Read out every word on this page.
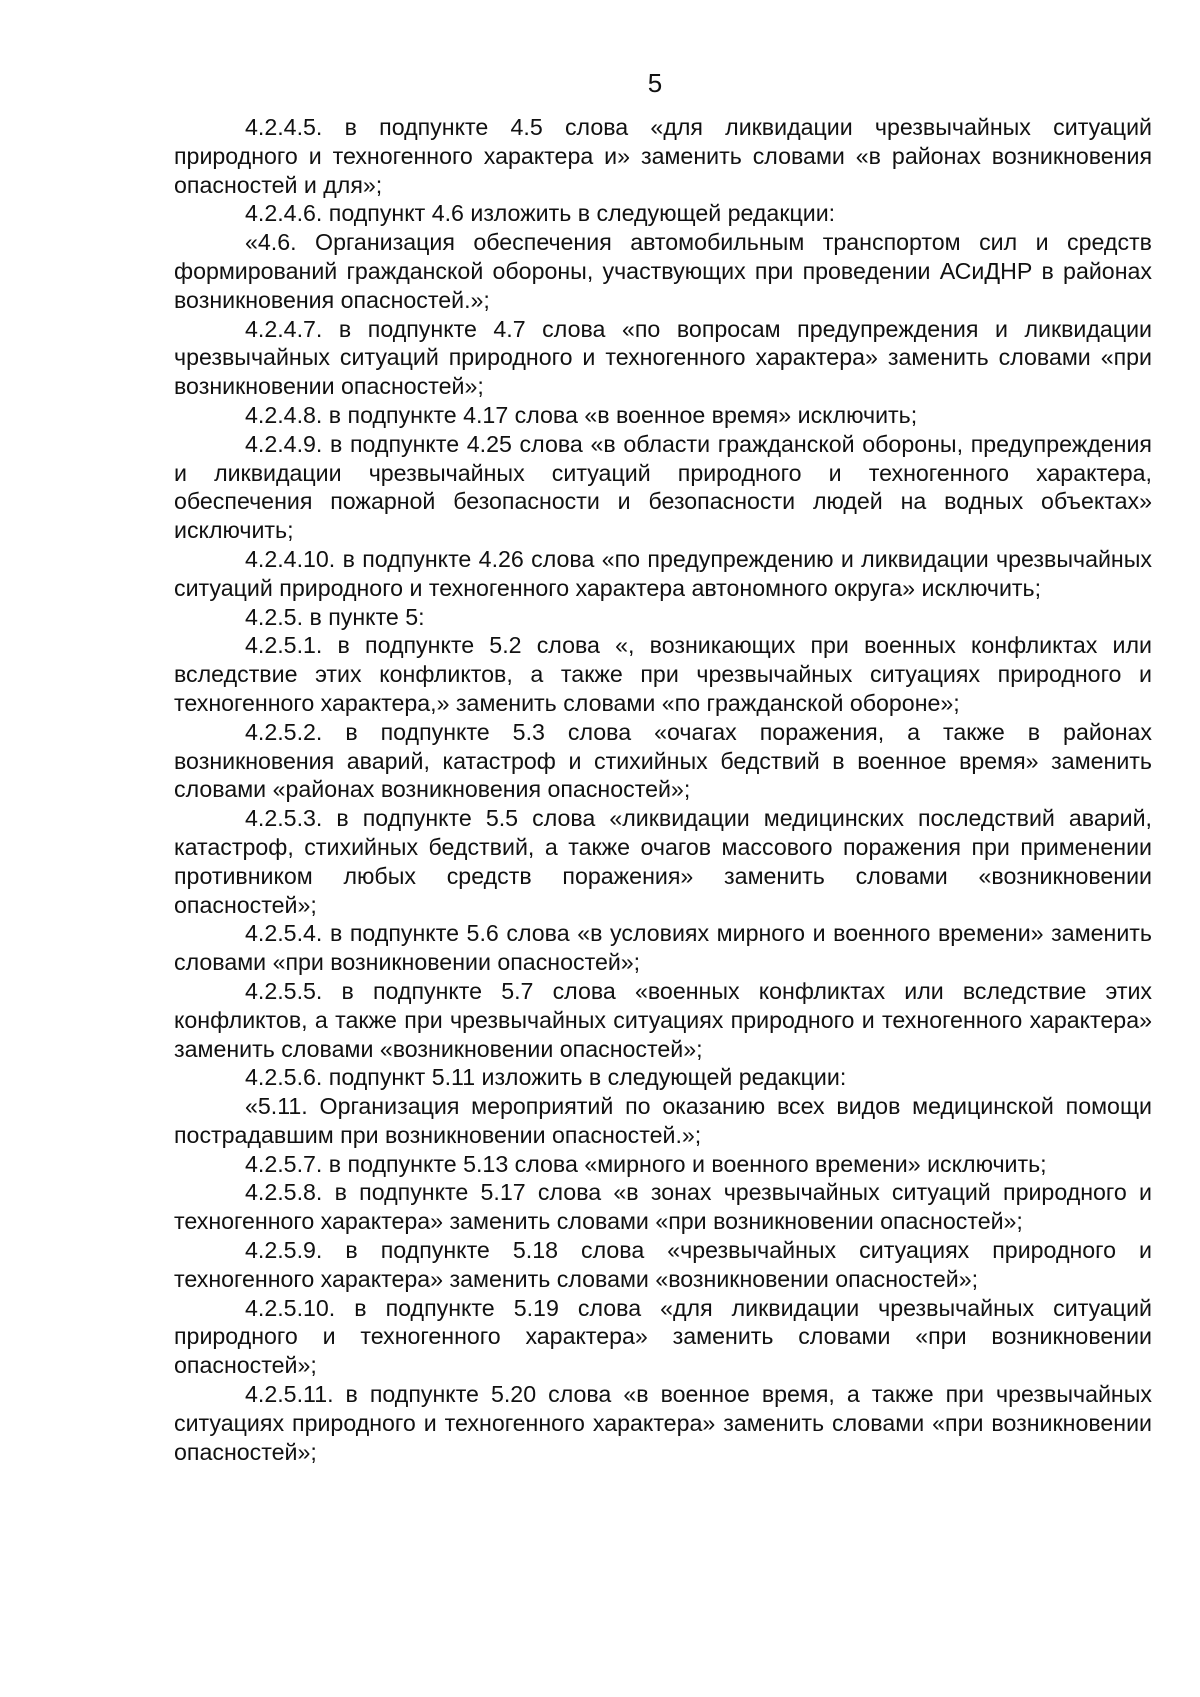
5

4.2.4.5. в подпункте 4.5 слова «для ликвидации чрезвычайных ситуаций природного и техногенного характера и» заменить словами «в районах возникновения опасностей и для»;

4.2.4.6. подпункт 4.6 изложить в следующей редакции:

«4.6. Организация обеспечения автомобильным транспортом сил и средств формирований гражданской обороны, участвующих при проведении АСиДНР в районах возникновения опасностей.»;

4.2.4.7. в подпункте 4.7 слова «по вопросам предупреждения и ликвидации чрезвычайных ситуаций природного и техногенного характера» заменить словами «при возникновении опасностей»;

4.2.4.8. в подпункте 4.17 слова «в военное время» исключить;

4.2.4.9. в подпункте 4.25 слова «в области гражданской обороны, предупреждения и ликвидации чрезвычайных ситуаций природного и техногенного характера, обеспечения пожарной безопасности и безопасности людей на водных объектах» исключить;

4.2.4.10. в подпункте 4.26 слова «по предупреждению и ликвидации чрезвычайных ситуаций природного и техногенного характера автономного округа» исключить;

4.2.5. в пункте 5:

4.2.5.1. в подпункте 5.2 слова «, возникающих при военных конфликтах или вследствие этих конфликтов, а также при чрезвычайных ситуациях природного и техногенного характера,» заменить словами «по гражданской обороне»;

4.2.5.2. в подпункте 5.3 слова «очагах поражения, а также в районах возникновения аварий, катастроф и стихийных бедствий в военное время» заменить словами «районах возникновения опасностей»;

4.2.5.3. в подпункте 5.5 слова «ликвидации медицинских последствий аварий, катастроф, стихийных бедствий, а также очагов массового поражения при применении противником любых средств поражения» заменить словами «возникновении опасностей»;

4.2.5.4. в подпункте 5.6 слова «в условиях мирного и военного времени» заменить словами «при возникновении опасностей»;

4.2.5.5. в подпункте 5.7 слова «военных конфликтах или вследствие этих конфликтов, а также при чрезвычайных ситуациях природного и техногенного характера» заменить словами «возникновении опасностей»;

4.2.5.6. подпункт 5.11 изложить в следующей редакции:

«5.11. Организация мероприятий по оказанию всех видов медицинской помощи пострадавшим при возникновении опасностей.»;

4.2.5.7. в подпункте 5.13 слова «мирного и военного времени» исключить;

4.2.5.8. в подпункте 5.17 слова «в зонах чрезвычайных ситуаций природного и техногенного характера» заменить словами «при возникновении опасностей»;

4.2.5.9. в подпункте 5.18 слова «чрезвычайных ситуациях природного и техногенного характера» заменить словами «возникновении опасностей»;

4.2.5.10. в подпункте 5.19 слова «для ликвидации чрезвычайных ситуаций природного и техногенного характера» заменить словами «при возникновении опасностей»;

4.2.5.11. в подпункте 5.20 слова «в военное время, а также при чрезвычайных ситуациях природного и техногенного характера» заменить словами «при возникновении опасностей»;
